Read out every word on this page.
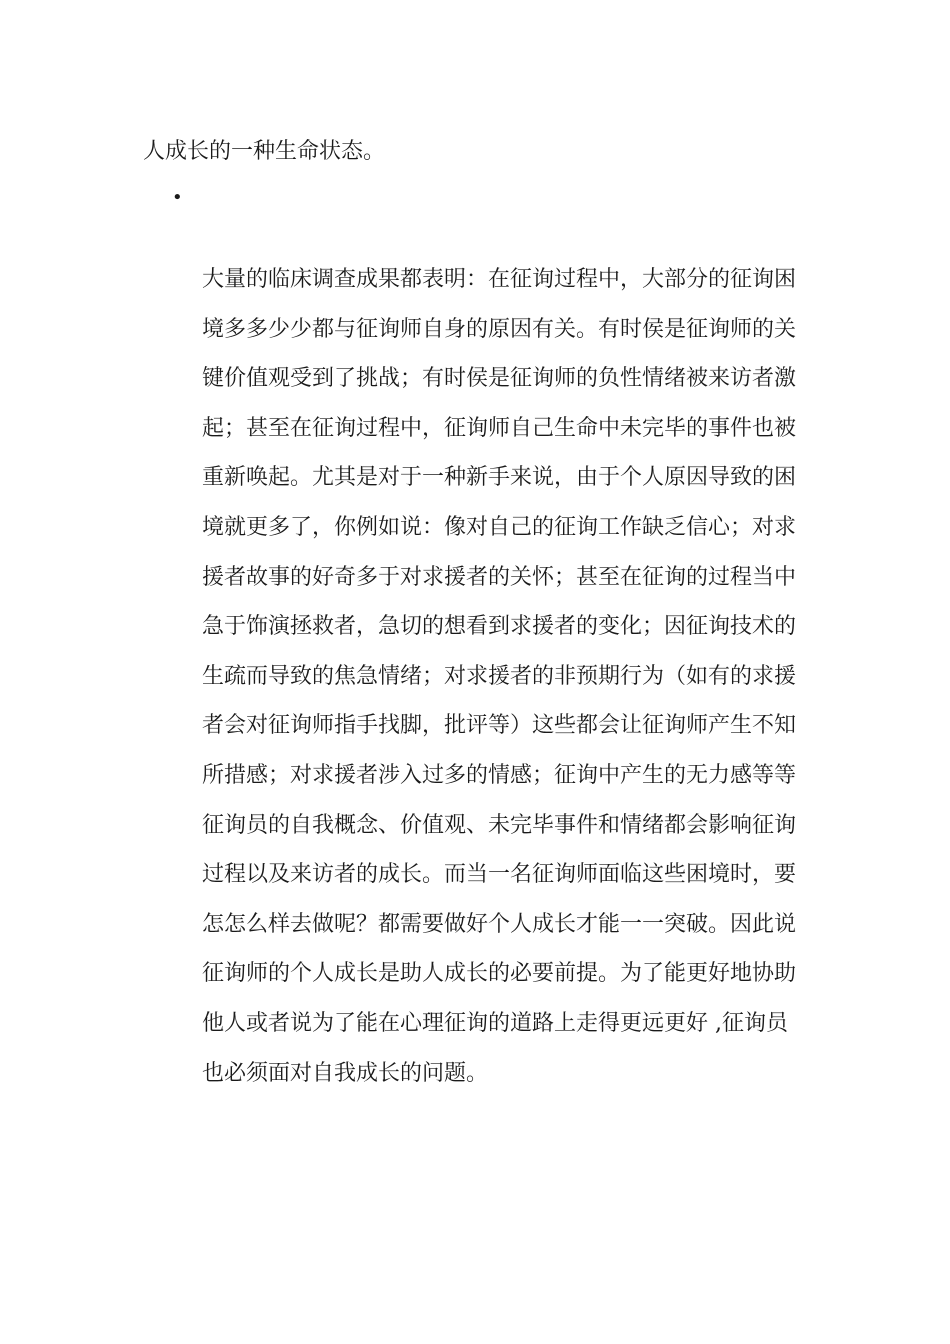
人成长的一种生命状态。

•
大量的临床调查成果都表明：在征询过程中，大部分的征询困
境多多少少都与征询师自身的原因有关。有时侯是征询师的关
键价值观受到了挑战；有时侯是征询师的负性情绪被来访者激
起；甚至在征询过程中，征询师自己生命中未完毕的事件也被
重新唤起。尤其是对于一种新手来说，由于个人原因导致的困
境就更多了，你例如说：像对自己的征询工作缺乏信心；对求
援者故事的好奇多于对求援者的关怀；甚至在征询的过程当中
急于饰演拯救者，急切的想看到求援者的变化；因征询技术的
生疏而导致的焦急情绪；对求援者的非预期行为（如有的求援
者会对征询师指手找脚，批评等）这些都会让征询师产生不知
所措感；对求援者涉入过多的情感；征询中产生的无力感等等
征询员的自我概念、价值观、未完毕事件和情绪都会影响征询
过程以及来访者的成长。而当一名征询师面临这些困境时，要
怎怎么样去做呢？都需要做好个人成长才能一一突破。因此说
征询师的个人成长是助人成长的必要前提。为了能更好地协助
他人或者说为了能在心理征询的道路上走得更远更好 ,征询员
也必须面对自我成长的问题。
